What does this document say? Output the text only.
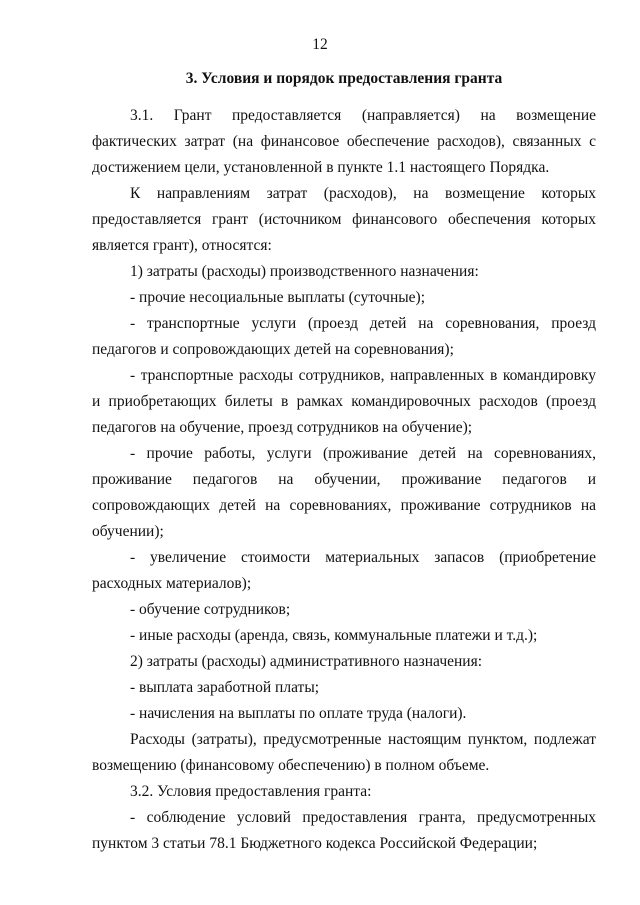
12
3. Условия и порядок предоставления гранта

3.1. Грант предоставляется (направляется) на возмещение фактических затрат (на финансовое обеспечение расходов), связанных с достижением цели, установленной в пункте 1.1 настоящего Порядка.

К направлениям затрат (расходов), на возмещение которых предоставляется грант (источником финансового обеспечения которых является грант), относятся:

1) затраты (расходы) производственного назначения:

- прочие несоциальные выплаты (суточные);

- транспортные услуги (проезд детей на соревнования, проезд педагогов и сопровождающих детей на соревнования);

- транспортные расходы сотрудников, направленных в командировку и приобретающих билеты в рамках командировочных расходов (проезд педагогов на обучение, проезд сотрудников на обучение);

- прочие работы, услуги (проживание детей на соревнованиях, проживание педагогов на обучении, проживание педагогов и сопровождающих детей на соревнованиях, проживание сотрудников на обучении);

- увеличение стоимости материальных запасов (приобретение расходных материалов);

- обучение сотрудников;

- иные расходы (аренда, связь, коммунальные платежи и т.д.);

2) затраты (расходы) административного назначения:

- выплата заработной платы;

- начисления на выплаты по оплате труда (налоги).

Расходы (затраты), предусмотренные настоящим пунктом, подлежат возмещению (финансовому обеспечению) в полном объеме.

3.2. Условия предоставления гранта:

- соблюдение условий предоставления гранта, предусмотренных пунктом 3 статьи 78.1 Бюджетного кодекса Российской Федерации;
